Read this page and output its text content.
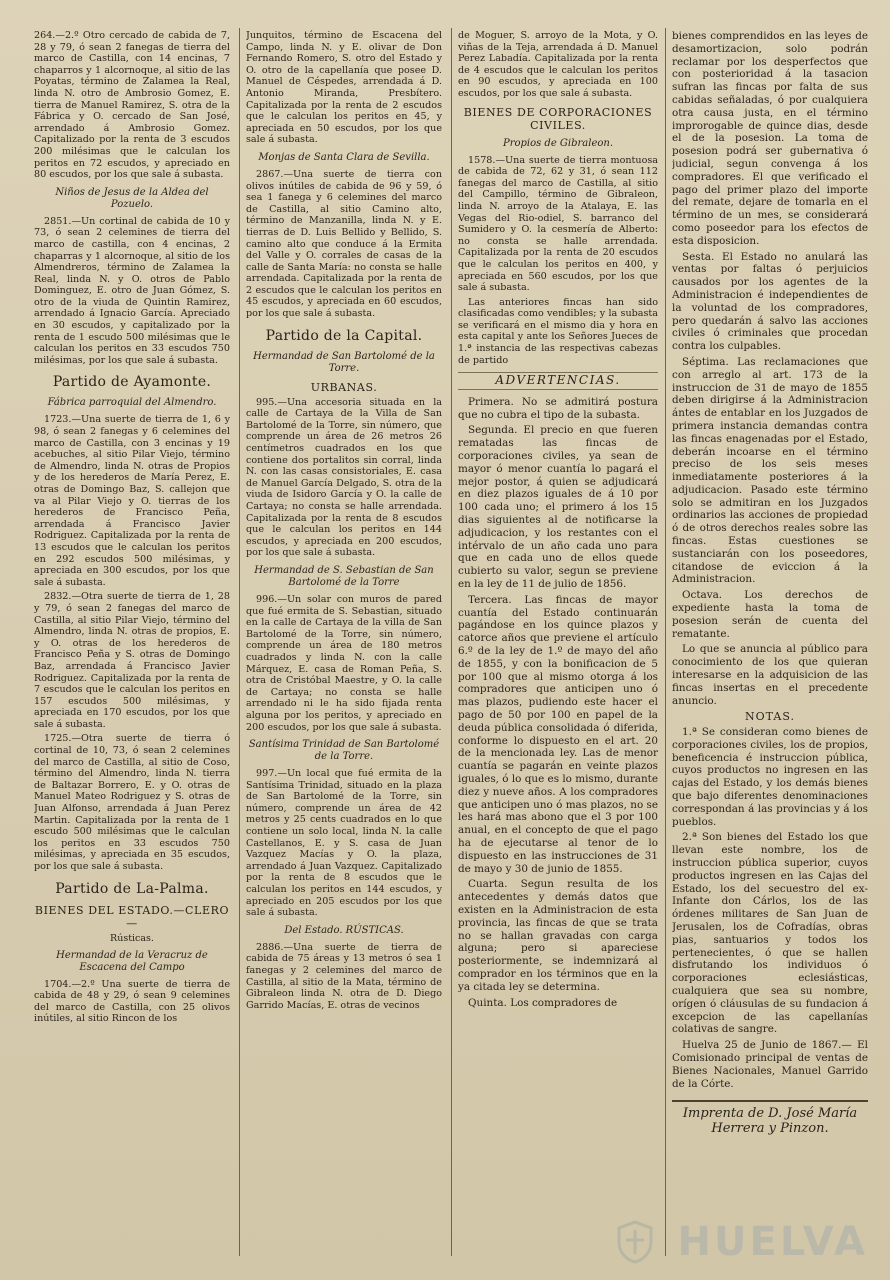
264.—2.º Otro cercado de cabida de 7, 28 y 79, ó sean 2 fanegas de tierra del marco de Castilla, con 14 encinas, 7 chaparros y 1 alcornoque, al sitio de las Poyatas, término de Zalamea la Real, linda N. otro de Ambrosio Gomez, E. tierra de Manuel Ramirez, S. otra de la Fábrica y O. cercado de San José, arrendado á Ambrosio Gomez. Capitalizado por la renta de 3 escudos 200 milésimas que le calculan los peritos en 72 escudos, y apreciado en 80 escudos, por los que sale á subasta.

Niños de Jesus de la Aldea del Pozuelo.

2851.—Un cortinal de cabida de 10 y 73, ó sean 2 celemines de tierra del marco de castilla, con 4 encinas, 2 chaparras y 1 alcornoque, al sitio de los Almendreros, término de Zalamea la Real, linda N. y O. otros de Pablo Dominguez, E. otro de Juan Gómez, S. otro de la viuda de Quintin Ramirez, arrendado á Ignacio García. Apreciado en 30 escudos, y capitalizado por la renta de 1 escudo 500 milésimas que le calculan los peritos en 33 escudos 750 milésimas, por los que sale á subasta.

Partido de Ayamonte.
Fábrica parroquial del Almendro.

1723.—Una suerte de tierra de 1, 6 y 98, ó sean 2 fanegas y 6 celemines del marco de Castilla, con 3 encinas y 19 acebuches, al sitio Pilar Viejo, término de Almendro, linda N. otras de Propios y de los herederos de María Perez, E. otras de Domingo Baz, S. callejon que va al Pilar Viejo y O. tierras de los herederos de Francisco Peña, arrendada á Francisco Javier Rodriguez. Capitalizada por la renta de 13 escudos que le calculan los peritos en 292 escudos 500 milésimas, y apreciada en 300 escudos, por los que sale á subasta.

2832.—Otra suerte de tierra de 1, 28 y 79, ó sean 2 fanegas del marco de Castilla, al sitio Pilar Viejo, término del Almendro, linda N. otras de propios, E. y O. otras de los herederos de Francisco Peña y S. otras de Domingo Baz, arrendada á Francisco Javier Rodriguez. Capitalizada por la renta de 7 escudos que le calculan los peritos en 157 escudos 500 milésimas, y apreciada en 170 escudos, por los que sale á subasta.

1725.—Otra suerte de tierra ó cortinal de 10, 73, ó sean 2 celemines del marco de Castilla, al sitio de Coso, término del Almendro, linda N. tierra de Baltazar Borrero, E. y O. otras de Manuel Mateo Rodriguez y S. otras de Juan Alfonso, arrendada á Juan Perez Martin. Capitalizada por la renta de 1 escudo 500 milésimas que le calculan los peritos en 33 escudos 750 milésimas, y apreciada en 35 escudos, por los que sale á subasta.

Partido de La-Palma.
BIENES DEL ESTADO.—CLERO —
Rústicas.
Hermandad de la Veracruz de Escacena del Campo

1704.—2.º Una suerte de tierra de cabida de 48 y 29, ó sean 9 celemines del marco de Castilla, con 25 olivos inútiles, al sitio Rincon de los

Junquitos, término de Escacena del Campo, linda N. y E. olivar de Don Fernando Romero, S. otro del Estado y O. otro de la capellanía que posee D. Manuel de Céspedes, arrendada á D. Antonio Miranda, Presbítero. Capitalizada por la renta de 2 escudos que le calculan los peritos en 45, y apreciada en 50 escudos, por los que sale á subasta.

Monjas de Santa Clara de Sevilla.

2867.—Una suerte de tierra con olivos inútiles de cabida de 96 y 59, ó sea 1 fanega y 6 celemines del marco de Castilla, al sitio Camino alto, término de Manzanilla, linda N. y E. tierras de D. Luis Bellido y Bellido, S. camino alto que conduce á la Ermita del Valle y O. corrales de casas de la calle de Santa María: no consta se halle arrendada. Capitalizada por la renta de 2 escudos que le calculan los peritos en 45 escudos, y apreciada en 60 escudos, por los que sale á subasta.

Partido de la Capital.
Hermandad de San Bartolomé de la Torre.
URBANAS.

995.—Una accesoria situada en la calle de Cartaya de la Villa de San Bartolomé de la Torre, sin número, que comprende un área de 26 metros 26 centímetros cuadrados en los que contiene dos portalitos sin corral, linda N. con las casas consistoriales, E. casa de Manuel García Delgado, S. otra de la viuda de Isidoro García y O. la calle de Cartaya; no consta se halle arrendada. Capitalizada por la renta de 8 escudos que le calculan los peritos en 144 escudos, y apreciada en 200 escudos, por los que sale á subasta.

Hermandad de S. Sebastian de San Bartolomé de la Torre

996.—Un solar con muros de pared que fué ermita de S. Sebastian, situado en la calle de Cartaya de la villa de San Bartolomé de la Torre, sin número, comprende un área de 180 metros cuadrados y linda N. con la calle Márquez, E. casa de Roman Peña, S. otra de Cristóbal Maestre, y O. la calle de Cartaya; no consta se halle arrendado ni le ha sido fijada renta alguna por los peritos, y apreciado en 200 escudos, por los que sale á subasta.

Santísima Trinidad de San Bartolomé de la Torre.

997.—Un local que fué ermita de la Santísima Trinidad, situado en la plaza de San Bartolomé de la Torre, sin número, comprende un área de 42 metros y 25 cents cuadrados en lo que contiene un solo local, linda N. la calle Castellanos, E. y S. casa de Juan Vazquez Macías y O. la plaza, arrendado á Juan Vazquez. Capitalizado por la renta de 8 escudos que le calculan los peritos en 144 escudos, y apreciado en 205 escudos por los que sale á subasta.

Del Estado. RÚSTICAS.

2886.—Una suerte de tierra de cabida de 75 áreas y 13 metros ó sea 1 fanegas y 2 celemines del marco de Castilla, al sitio de la Mata, término de Gibraleon linda N. otra de D. Diego Garrido Macías, E. otras de vecinos

de Moguer, S. arroyo de la Mota, y O. viñas de la Teja, arrendada á D. Manuel Perez Labadía. Capitalizada por la renta de 4 escudos que le calculan los peritos en 90 escudos, y apreciada en 100 escudos, por los que sale á subasta.

BIENES DE CORPORACIONES CIVILES.
Propios de Gibraleon.

1578.—Una suerte de tierra montuosa de cabida de 72, 62 y 31, ó sean 112 fanegas del marco de Castilla, al sitio del Campillo, término de Gibraleon, linda N. arroyo de la Atalaya, E. las Vegas del Rio-odiel, S. barranco del Sumidero y O. la cesmería de Alberto: no consta se halle arrendada. Capitalizada por la renta de 20 escudos que le calculan los peritos en 400, y apreciada en 560 escudos, por los que sale á subasta.

Las anteriores fincas han sido clasificadas como vendibles; y la subasta se verificará en el mismo dia y hora en esta capital y ante los Señores Jueces de 1.ª instancia de las respectivas cabezas de partido

ADVERTENCIAS.

Primera. No se admitirá postura que no cubra el tipo de la subasta.

Segunda. El precio en que fueren rematadas las fincas de corporaciones civiles, ya sean de mayor ó menor cuantía lo pagará el mejor postor, á quien se adjudicará en diez plazos iguales de á 10 por 100 cada uno; el primero á los 15 dias siguientes al de notificarse la adjudicacion, y los restantes con el intérvalo de un año cada uno para que en cada uno de ellos quede cubierto su valor, segun se previene en la ley de 11 de julio de 1856.

Tercera. Las fincas de mayor cuantía del Estado continuarán pagándose en los quince plazos y catorce años que previene el artículo 6.º de la ley de 1.º de mayo del año de 1855, y con la bonificacion de 5 por 100 que al mismo otorga á los compradores que anticipen uno ó mas plazos, pudiendo este hacer el pago de 50 por 100 en papel de la deuda pública consolidada ó diferida, conforme lo dispuesto en el art. 20 de la mencionada ley. Las de menor cuantía se pagarán en veinte plazos iguales, ó lo que es lo mismo, durante diez y nueve años. A los compradores que anticipen uno ó mas plazos, no se les hará mas abono que el 3 por 100 anual, en el concepto de que el pago ha de ejecutarse al tenor de lo dispuesto en las instrucciones de 31 de mayo y 30 de junio de 1855.

Cuarta. Segun resulta de los antecedentes y demás datos que existen en la Administracion de esta provincia, las fincas de que se trata no se hallan gravadas con carga alguna; pero si apareciese posteriormente, se indemnizará al comprador en los términos que en la ya citada ley se determina.

Quinta. Los compradores de

bienes comprendidos en las leyes de desamortizacion, solo podrán reclamar por los desperfectos que con posterioridad á la tasacion sufran las fincas por falta de sus cabidas señaladas, ó por cualquiera otra causa justa, en el término improrogable de quince dias, desde el de la posesion. La toma de posesion podrá ser gubernativa ó judicial, segun convenga á los compradores. El que verificado el pago del primer plazo del importe del remate, dejare de tomarla en el término de un mes, se considerará como poseedor para los efectos de esta disposicion.

Sesta. El Estado no anulará las ventas por faltas ó perjuicios causados por los agentes de la Administracion é independientes de la voluntad de los compradores, pero quedarán á salvo las acciones civiles ó criminales que procedan contra los culpables.

Séptima. Las reclamaciones que con arreglo al art. 173 de la instruccion de 31 de mayo de 1855 deben dirigirse á la Administracion ántes de entablar en los Juzgados de primera instancia demandas contra las fincas enagenadas por el Estado, deberán incoarse en el término preciso de los seis meses inmediatamente posteriores á la adjudicacion. Pasado este término solo se admitiran en los Juzgados ordinarios las acciones de propiedad ó de otros derechos reales sobre las fincas. Estas cuestiones se sustanciarán con los poseedores, citandose de eviccion á la Administracion.

Octava. Los derechos de expediente hasta la toma de posesion serán de cuenta del rematante.

Lo que se anuncia al público para conocimiento de los que quieran interesarse en la adquisicion de las fincas insertas en el precedente anuncio.

NOTAS.

1.ª Se consideran como bienes de corporaciones civiles, los de propios, beneficencia é instruccion pública, cuyos productos no ingresen en las cajas del Estado, y los demás bienes que bajo diferentes denominaciones correspondan á las provincias y á los pueblos.

2.ª Son bienes del Estado los que llevan este nombre, los de instruccion pública superior, cuyos productos ingresen en las Cajas del Estado, los del secuestro del ex-Infante don Cárlos, los de las órdenes militares de San Juan de Jerusalen, los de Cofradías, obras pias, santuarios y todos los pertenecientes, ó que se hallen disfrutando los individuos ó corporaciones eclesiásticas, cualquiera que sea su nombre, orígen ó cláusulas de su fundacion á excepcion de las capellanías colativas de sangre.

Huelva 25 de Junio de 1867.— El Comisionado principal de ventas de Bienes Nacionales, Manuel Garrido de la Córte.

Imprenta de D. José María Herrera y Pinzon.
HUELVA
